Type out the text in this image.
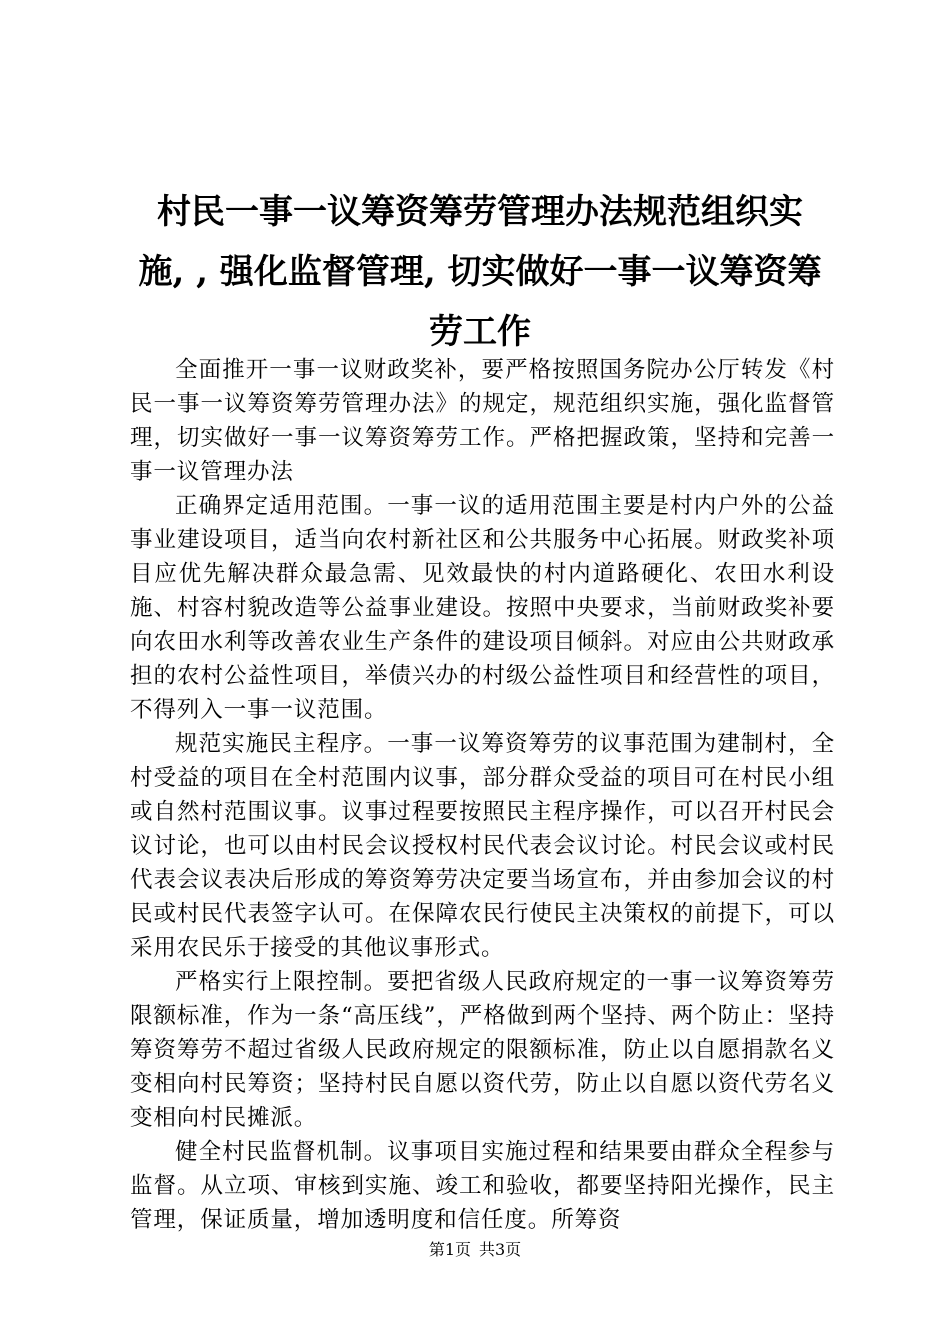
村民一事一议筹资筹劳管理办法规范组织实
施, , 强化监督管理, 切实做好一事一议筹资筹
劳工作

全面推开一事一议财政奖补，要严格按照国务院办公厅转发《村民一事一议筹资筹劳管理办法》的规定，规范组织实施，强化监督管理，切实做好一事一议筹资筹劳工作。严格把握政策，坚持和完善一事一议管理办法

正确界定适用范围。一事一议的适用范围主要是村内户外的公益事业建设项目，适当向农村新社区和公共服务中心拓展。财政奖补项目应优先解决群众最急需、见效最快的村内道路硬化、农田水利设施、村容村貌改造等公益事业建设。按照中央要求，当前财政奖补要向农田水利等改善农业生产条件的建设项目倾斜。对应由公共财政承担的农村公益性项目，举债兴办的村级公益性项目和经营性的项目，不得列入一事一议范围。

规范实施民主程序。一事一议筹资筹劳的议事范围为建制村，全村受益的项目在全村范围内议事，部分群众受益的项目可在村民小组或自然村范围议事。议事过程要按照民主程序操作，可以召开村民会议讨论，也可以由村民会议授权村民代表会议讨论。村民会议或村民代表会议表决后形成的筹资筹劳决定要当场宣布，并由参加会议的村民或村民代表签字认可。在保障农民行使民主决策权的前提下，可以采用农民乐于接受的其他议事形式。

严格实行上限控制。要把省级人民政府规定的一事一议筹资筹劳限额标准，作为一条“高压线”，严格做到两个坚持、两个防止：坚持筹资筹劳不超过省级人民政府规定的限额标准，防止以自愿捐款名义变相向村民筹资；坚持村民自愿以资代劳，防止以自愿以资代劳名义变相向村民摊派。

健全村民监督机制。议事项目实施过程和结果要由群众全程参与监督。从立项、审核到实施、竣工和验收，都要坚持阳光操作，民主管理，保证质量，增加透明度和信任度。所筹资

第1页 共3页
